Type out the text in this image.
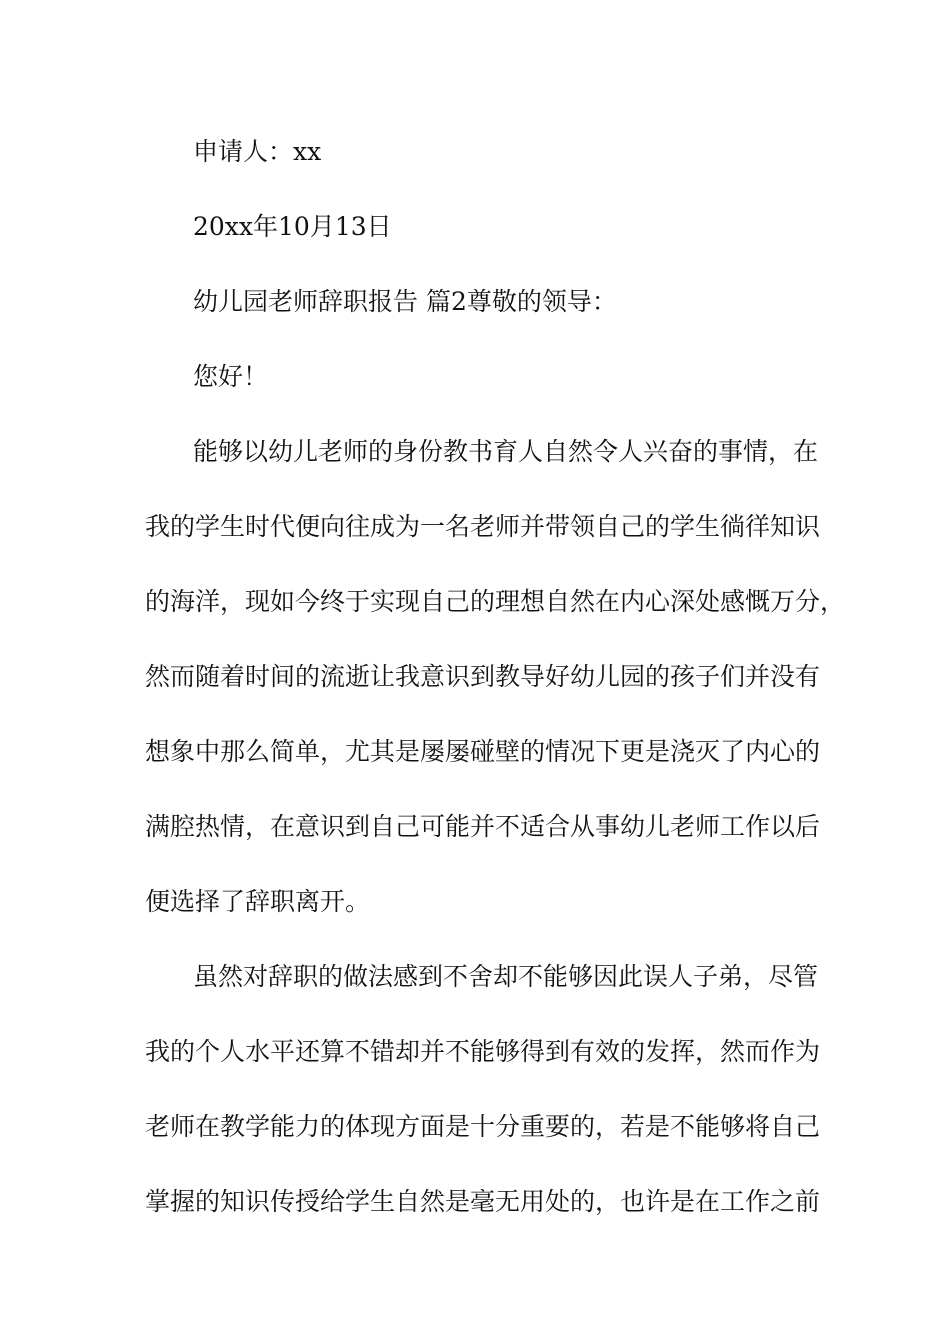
申请人：xx

20xx年10月13日

幼儿园老师辞职报告 篇2尊敬的领导：

您好！

能够以幼儿老师的身份教书育人自然令人兴奋的事情，在

我的学生时代便向往成为一名老师并带领自己的学生徜徉知识

的海洋，现如今终于实现自己的理想自然在内心深处感慨万分，

然而随着时间的流逝让我意识到教导好幼儿园的孩子们并没有

想象中那么简单，尤其是屡屡碰壁的情况下更是浇灭了内心的

满腔热情，在意识到自己可能并不适合从事幼儿老师工作以后

便选择了辞职离开。

虽然对辞职的做法感到不舍却不能够因此误人子弟，尽管

我的个人水平还算不错却并不能够得到有效的发挥，然而作为

老师在教学能力的体现方面是十分重要的，若是不能够将自己

掌握的知识传授给学生自然是毫无用处的，也许是在工作之前
